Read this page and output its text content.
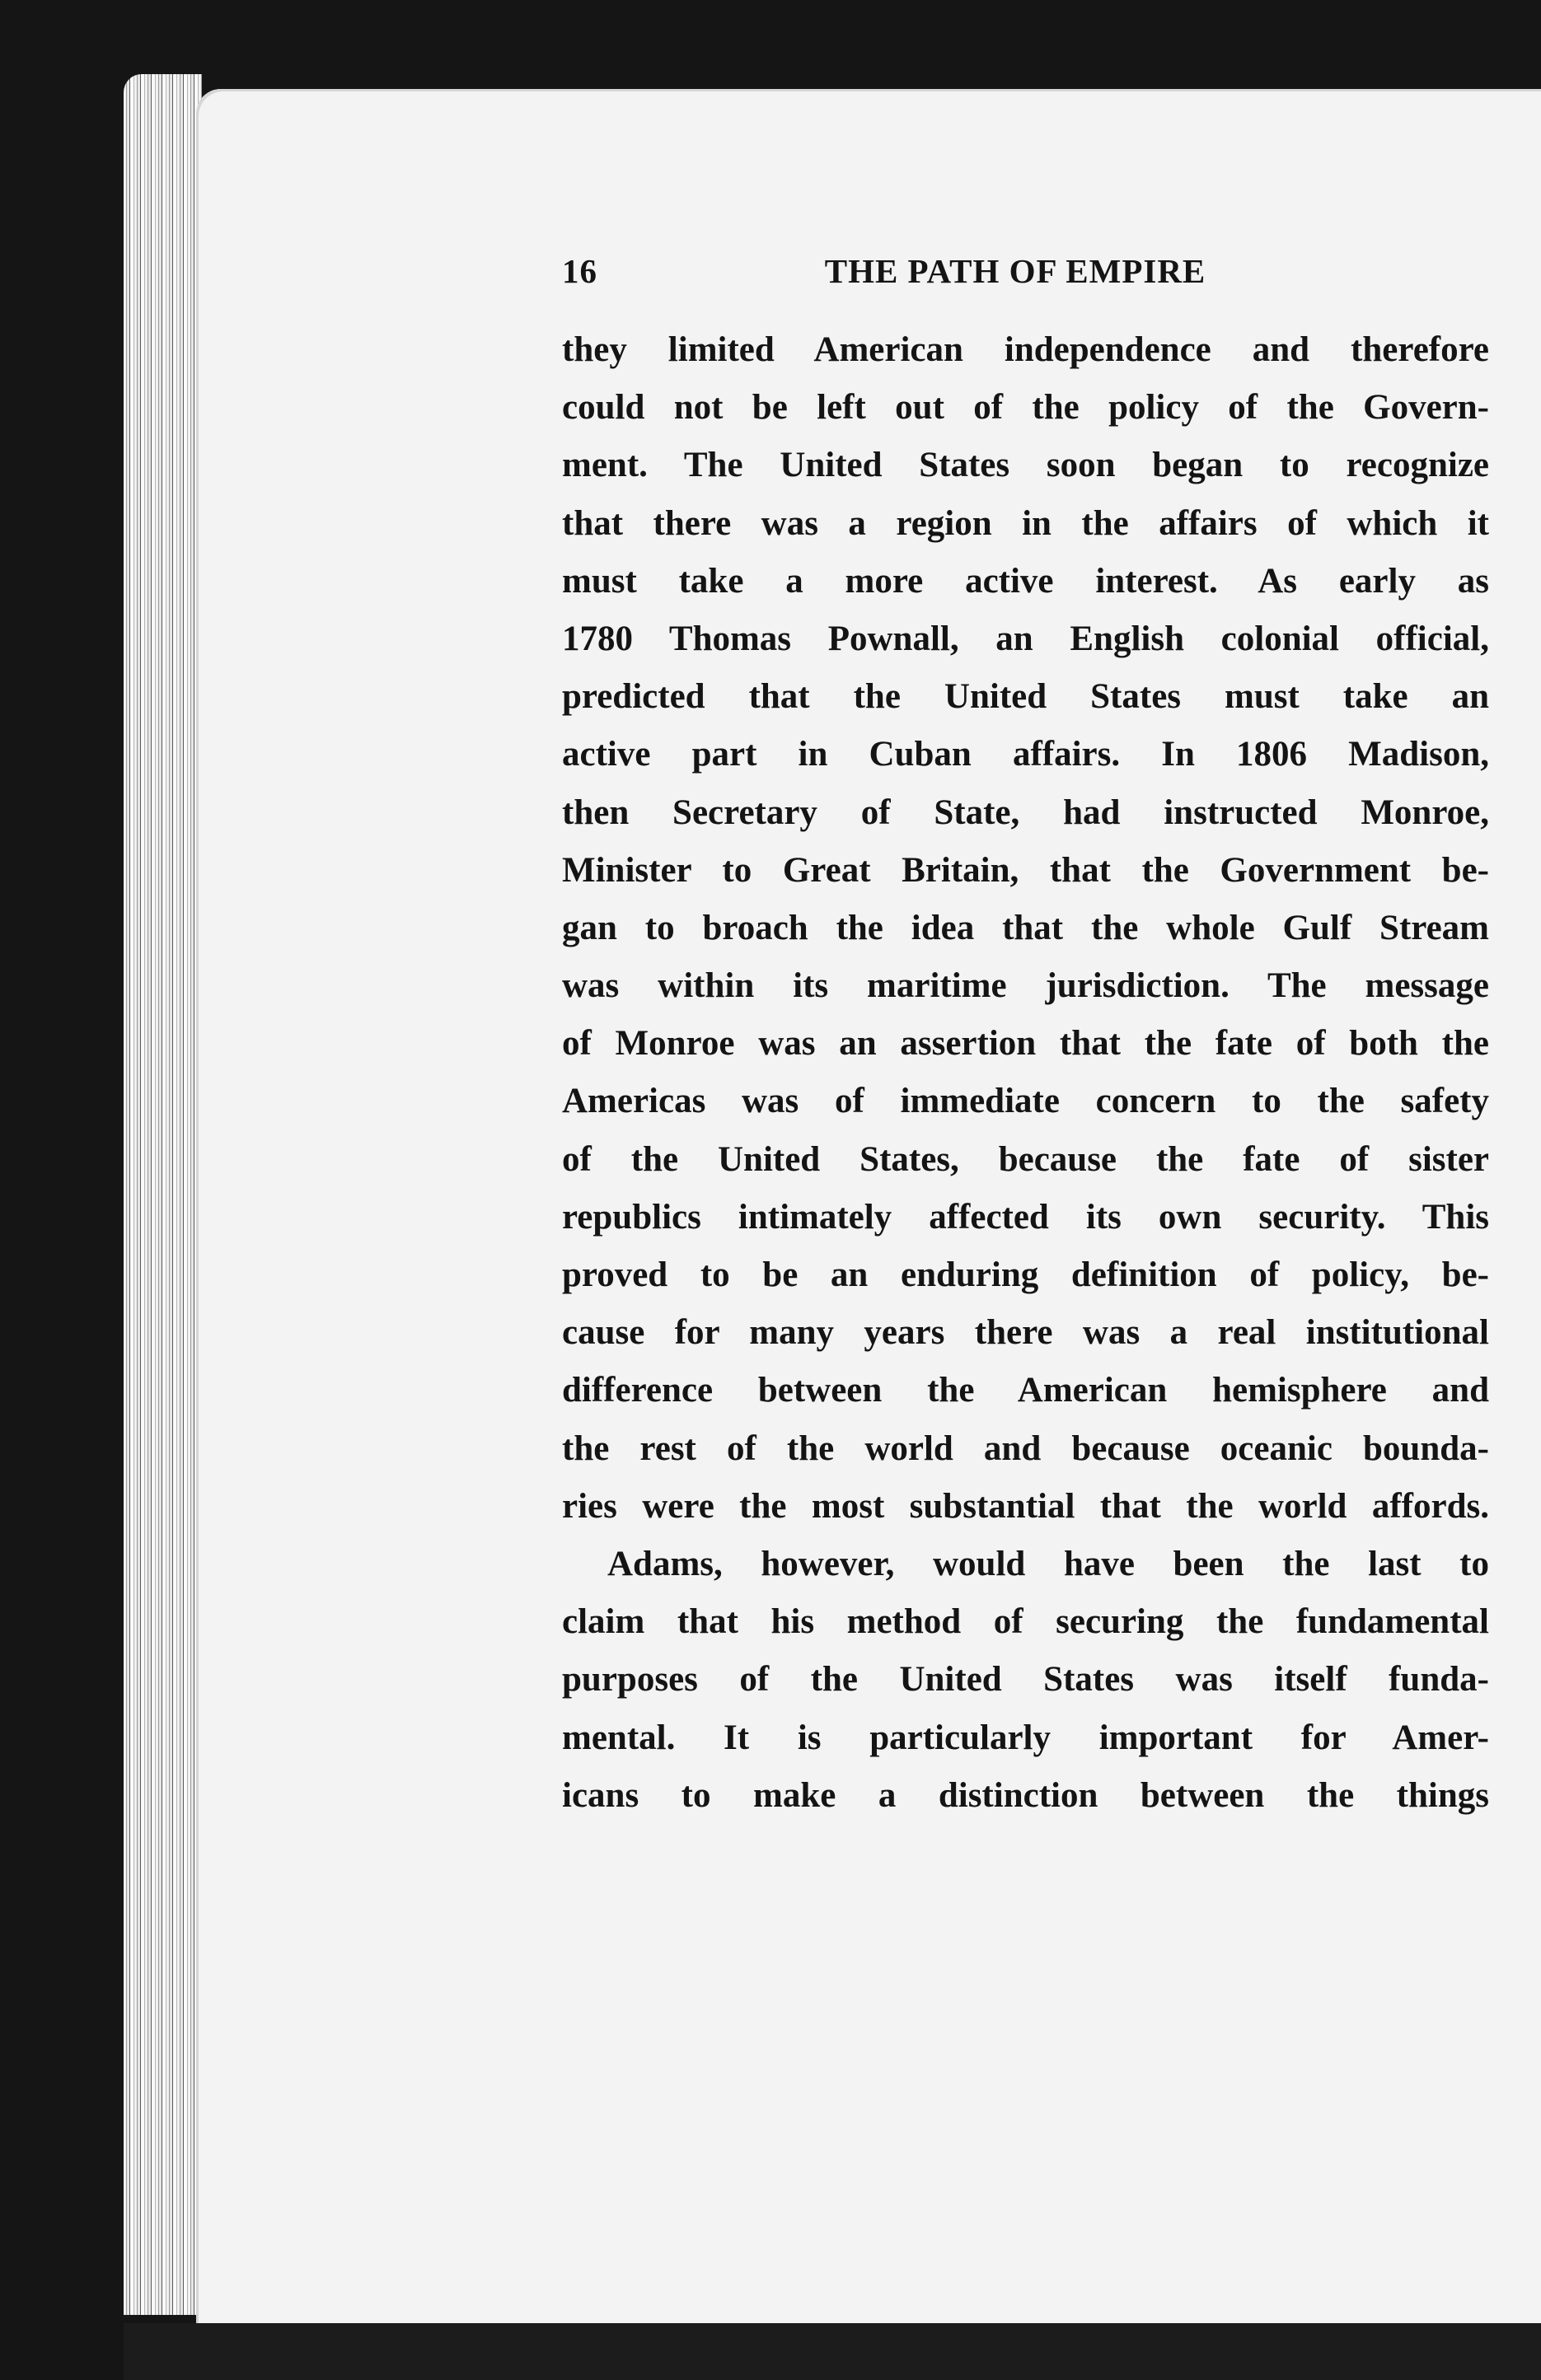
16	THE PATH OF EMPIRE
they limited American independence and therefore
could not be left out of the policy of the Govern-
ment. The United States soon began to recognize
that there was a region in the affairs of which it
must take a more active interest. As early as
1780 Thomas Pownall, an English colonial official,
predicted that the United States must take an
active part in Cuban affairs. In 1806 Madison,
then Secretary of State, had instructed Monroe,
Minister to Great Britain, that the Government be-
gan to broach the idea that the whole Gulf Stream
was within its maritime jurisdiction. The message
of Monroe was an assertion that the fate of both the
Americas was of immediate concern to the safety
of the United States, because the fate of sister
republics intimately affected its own security. This
proved to be an enduring definition of policy, be-
cause for many years there was a real institutional
difference between the American hemisphere and
the rest of the world and because oceanic bounda-
ries were the most substantial that the world affords.
Adams, however, would have been the last to
claim that his method of securing the fundamental
purposes of the United States was itself funda-
mental. It is particularly important for Amer-
icans to make a distinction between the things
